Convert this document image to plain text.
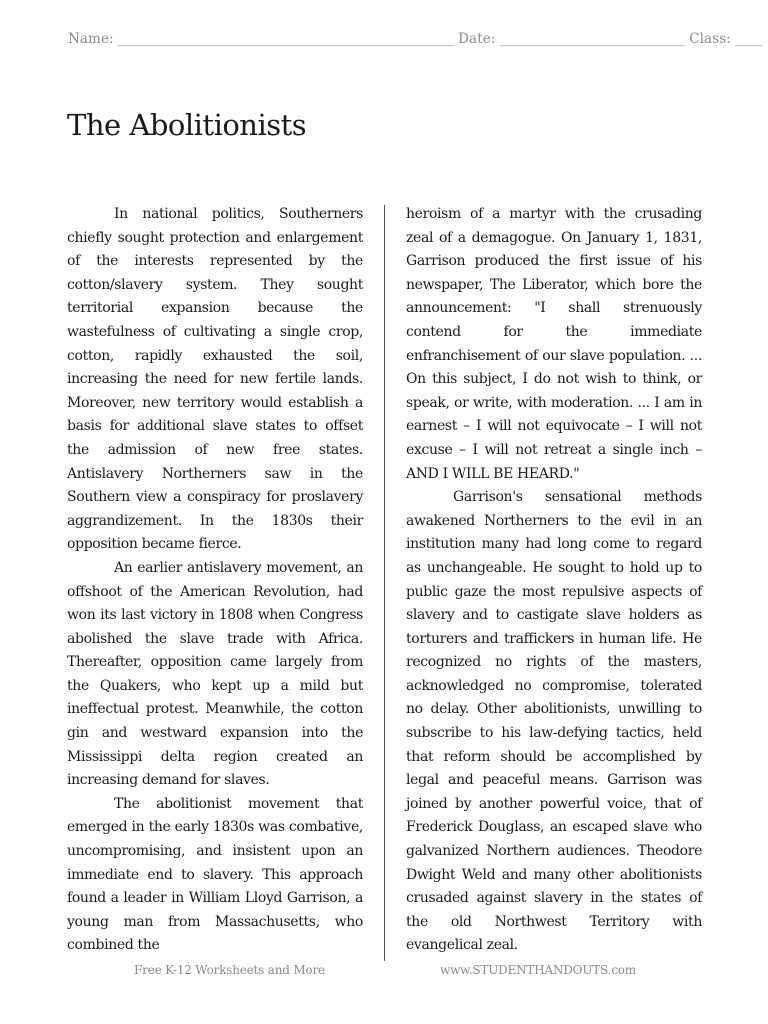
Name: _________________________________________________ Date: ___________________________ Class: ____
The Abolitionists

In national politics, Southerners chiefly sought protection and enlargement of the interests represented by the cotton/slavery system. They sought territorial expansion because the wastefulness of cultivating a single crop, cotton, rapidly exhausted the soil, increasing the need for new fertile lands. Moreover, new territory would establish a basis for additional slave states to offset the admission of new free states. Antislavery Northerners saw in the Southern view a conspiracy for proslavery aggrandizement. In the 1830s their opposition became fierce.

An earlier antislavery movement, an offshoot of the American Revolution, had won its last victory in 1808 when Congress abolished the slave trade with Africa. Thereafter, opposition came largely from the Quakers, who kept up a mild but ineffectual protest. Meanwhile, the cotton gin and westward expansion into the Mississippi delta region created an increasing demand for slaves.

The abolitionist movement that emerged in the early 1830s was combative, uncompromising, and insistent upon an immediate end to slavery. This approach found a leader in William Lloyd Garrison, a young man from Massachusetts, who combined the

heroism of a martyr with the crusading zeal of a demagogue. On January 1, 1831, Garrison produced the first issue of his newspaper, The Liberator, which bore the announcement: "I shall strenuously contend for the immediate enfranchisement of our slave population. ... On this subject, I do not wish to think, or speak, or write, with moderation. ... I am in earnest – I will not equivocate – I will not excuse – I will not retreat a single inch – AND I WILL BE HEARD."

Garrison's sensational methods awakened Northerners to the evil in an institution many had long come to regard as unchangeable. He sought to hold up to public gaze the most repulsive aspects of slavery and to castigate slave holders as torturers and traffickers in human life. He recognized no rights of the masters, acknowledged no compromise, tolerated no delay. Other abolitionists, unwilling to subscribe to his law-defying tactics, held that reform should be accomplished by legal and peaceful means. Garrison was joined by another powerful voice, that of Frederick Douglass, an escaped slave who galvanized Northern audiences. Theodore Dwight Weld and many other abolitionists crusaded against slavery in the states of the old Northwest Territory with evangelical zeal.

Free K-12 Worksheets and More	www.STUDENTHANDOUTS.com
